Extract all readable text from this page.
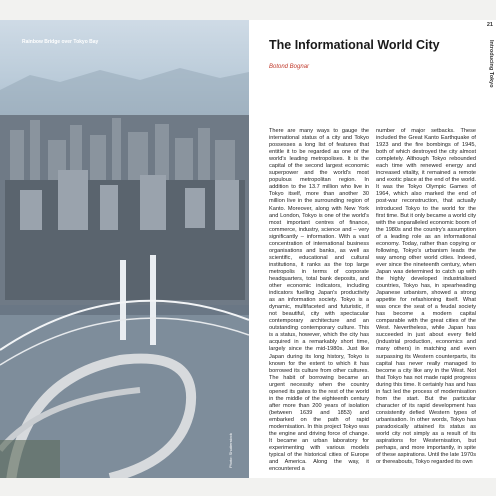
Rainbow Bridge over Tokyo Bay
Photo: Shutterstock
The Informational World City
Botond Bognar
There are many ways to gauge the international status of a city and Tokyo possesses a long list of features that entitle it to be regarded as one of the world's leading metropolises. It is the capital of the second largest economic superpower and the world's most populous metropolitan region. In addition to the 13.7 million who live in Tokyo itself, more than another 30 million live in the surrounding region of Kanto. Moreover, along with New York and London, Tokyo is one of the world's most important centres of finance, commerce, industry, science and – very significantly – information. With a vast concentration of international business organisations and banks, as well as scientific, educational and cultural institutions, it ranks as the top large metropolis in terms of corporate headquarters, total bank deposits, and other economic indicators, including indicators fuelling Japan's productivity as an information society. Tokyo is a dynamic, multifaceted and futuristic, if not beautiful, city with spectacular contemporary architecture and an outstanding contemporary culture. This is a status, however, which the city has acquired in a remarkably short time, largely since the mid-1980s. Just like Japan during its long history, Tokyo is known for the extent to which it has borrowed its culture from other cultures. The habit of borrowing became an urgent necessity when the country opened its gates to the rest of the world in the middle of the eighteenth century after more than 200 years of isolation (between 1639 and 1853) and embarked on the path of rapid modernisation. In this project Tokyo was the engine and driving force of change. It became an urban laboratory for experimenting with various models typical of the historical cities of Europe and America. Along the way, it encountered a
number of major setbacks. These included the Great Kanto Earthquake of 1923 and the fire bombings of 1945, both of which destroyed the city almost completely. Although Tokyo rebounded each time with renewed energy and increased vitality, it remained a remote and exotic place at the end of the world. It was the Tokyo Olympic Games of 1964, which also marked the end of post-war reconstruction, that actually introduced Tokyo to the world for the first time. But it only became a world city with the unparalleled economic boom of the 1980s and the country's assumption of a leading role as an informational economy. Today, rather than copying or following, Tokyo's urbanism leads the way among other world cities. Indeed, ever since the nineteenth century, when Japan was determined to catch up with the highly developed industrialised countries, Tokyo has, in spearheading Japanese urbanism, showed a strong appetite for refashioning itself. What was once the seat of a feudal society has become a modern capital comparable with the great cities of the West. Nevertheless, while Japan has succeeded in just about every field (industrial production, economics and many others) in matching and even surpassing its Western counterparts, its capital has never really managed to become a city like any in the West. Not that Tokyo has not made rapid progress during this time. It certainly has and has in fact led the process of modernisation from the start. But the particular character of its rapid development has consistently defied Western types of urbanisation. In other words, Tokyo has paradoxically attained its status as world city not simply as a result of its aspirations for Westernisation, but perhaps, and more importantly, in spite of these aspirations. Until the late 1970s or thereabouts, Tokyo regarded its own
21
Introducing Tokyo
